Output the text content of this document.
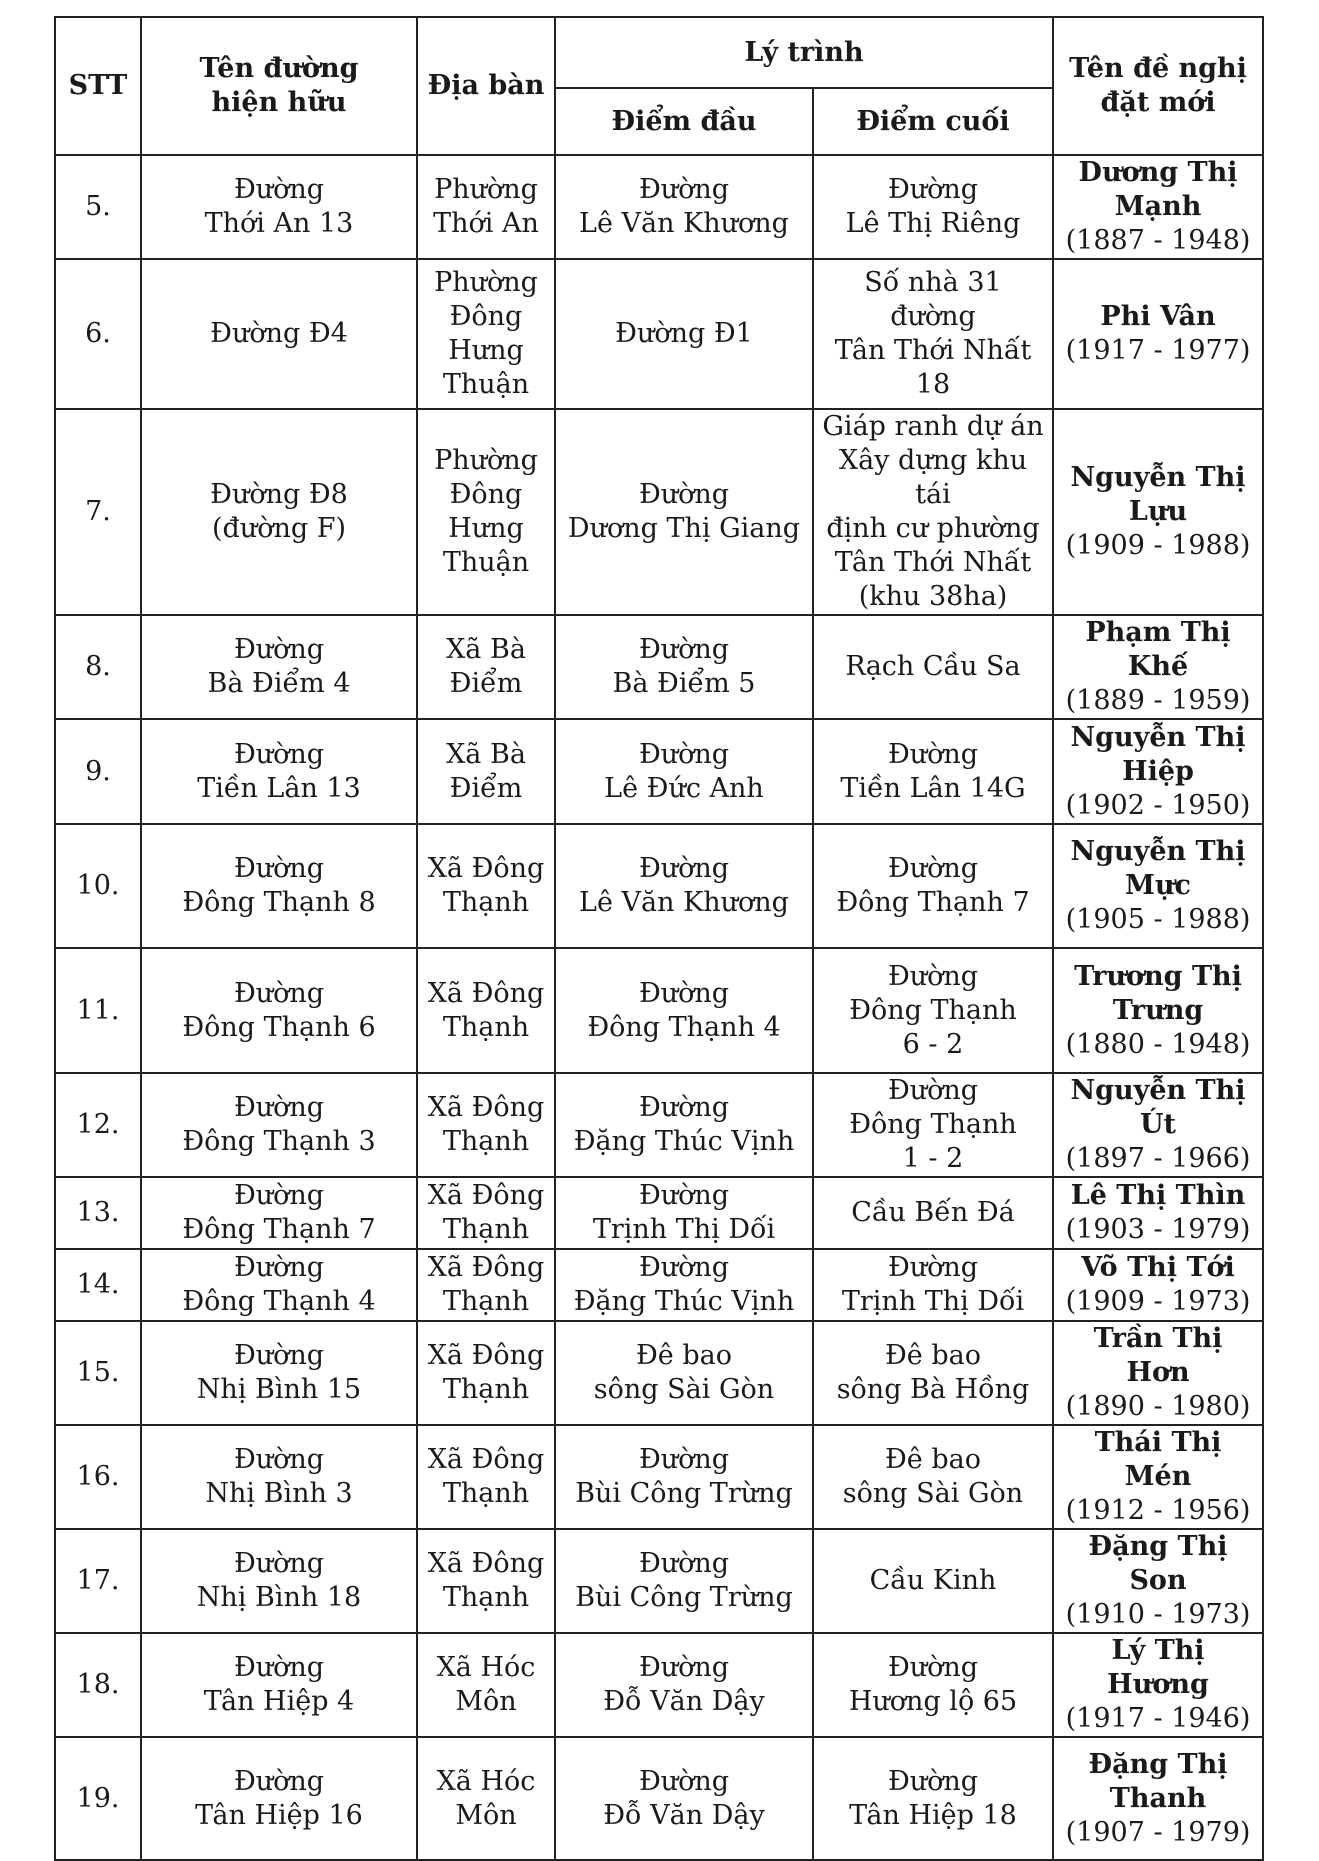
STT	Tên đường
hiện hữu	Địa bàn	Lý trình		Tên đề nghị
đặt mới

			Điểm đầu	Điểm cuối	
5.	Đường
Thới An 13	Phường
Thới An	Đường
Lê Văn Khương	Đường
Lê Thị Riêng	Dương Thị
Mạnh
(1887 - 1948)

6.	Đường Đ4	Phường
Đông
Hưng
Thuận	Đường Đ1	Số nhà 31 đường
Tân Thới Nhất 18	Phi Vân
(1917 - 1977)

7.	Đường Đ8
(đường F)	Phường
Đông
Hưng
Thuận	Đường
Dương Thị Giang	Giáp ranh dự án
Xây dựng khu tái
định cư phường
Tân Thới Nhất
(khu 38ha)	Nguyễn Thị
Lựu
(1909 - 1988)

8.	Đường
Bà Điểm 4	Xã Bà
Điểm	Đường
Bà Điểm 5	Rạch Cầu Sa	Phạm Thị Khế
(1889 - 1959)

9.	Đường
Tiền Lân 13	Xã Bà
Điểm	Đường
Lê Đức Anh	Đường
Tiền Lân 14G	Nguyễn Thị
Hiệp
(1902 - 1950)

10.	Đường
Đông Thạnh 8	Xã Đông
Thạnh	Đường
Lê Văn Khương	Đường
Đông Thạnh 7	Nguyễn Thị
Mực
(1905 - 1988)

11.	Đường
Đông Thạnh 6	Xã Đông
Thạnh	Đường
Đông Thạnh 4	Đường
Đông Thạnh
6 - 2	Trương Thị
Trưng
(1880 - 1948)

12.	Đường
Đông Thạnh 3	Xã Đông
Thạnh	Đường
Đặng Thúc Vịnh	Đường
Đông Thạnh
1 - 2	Nguyễn Thị Út
(1897 - 1966)

13.	Đường
Đông Thạnh 7	Xã Đông
Thạnh	Đường
Trịnh Thị Dối	Cầu Bến Đá	Lê Thị Thìn
(1903 - 1979)

14.	Đường
Đông Thạnh 4	Xã Đông
Thạnh	Đường
Đặng Thúc Vịnh	Đường
Trịnh Thị Dối	Võ Thị Tới
(1909 - 1973)

15.	Đường
Nhị Bình 15	Xã Đông
Thạnh	Đê bao
sông Sài Gòn	Đê bao
sông Bà Hồng	Trần Thị Hơn
(1890 - 1980)

16.	Đường
Nhị Bình 3	Xã Đông
Thạnh	Đường
Bùi Công Trừng	Đê bao
sông Sài Gòn	Thái Thị Mén
(1912 - 1956)

17.	Đường
Nhị Bình 18	Xã Đông
Thạnh	Đường
Bùi Công Trừng	Cầu Kinh	Đặng Thị Son
(1910 - 1973)

18.	Đường
Tân Hiệp 4	Xã Hóc
Môn	Đường
Đỗ Văn Dậy	Đường
Hương lộ 65	Lý Thị Hương
(1917 - 1946)

19.	Đường
Tân Hiệp 16	Xã Hóc
Môn	Đường
Đỗ Văn Dậy	Đường
Tân Hiệp 18	Đặng Thị
Thanh
(1907 - 1979)
